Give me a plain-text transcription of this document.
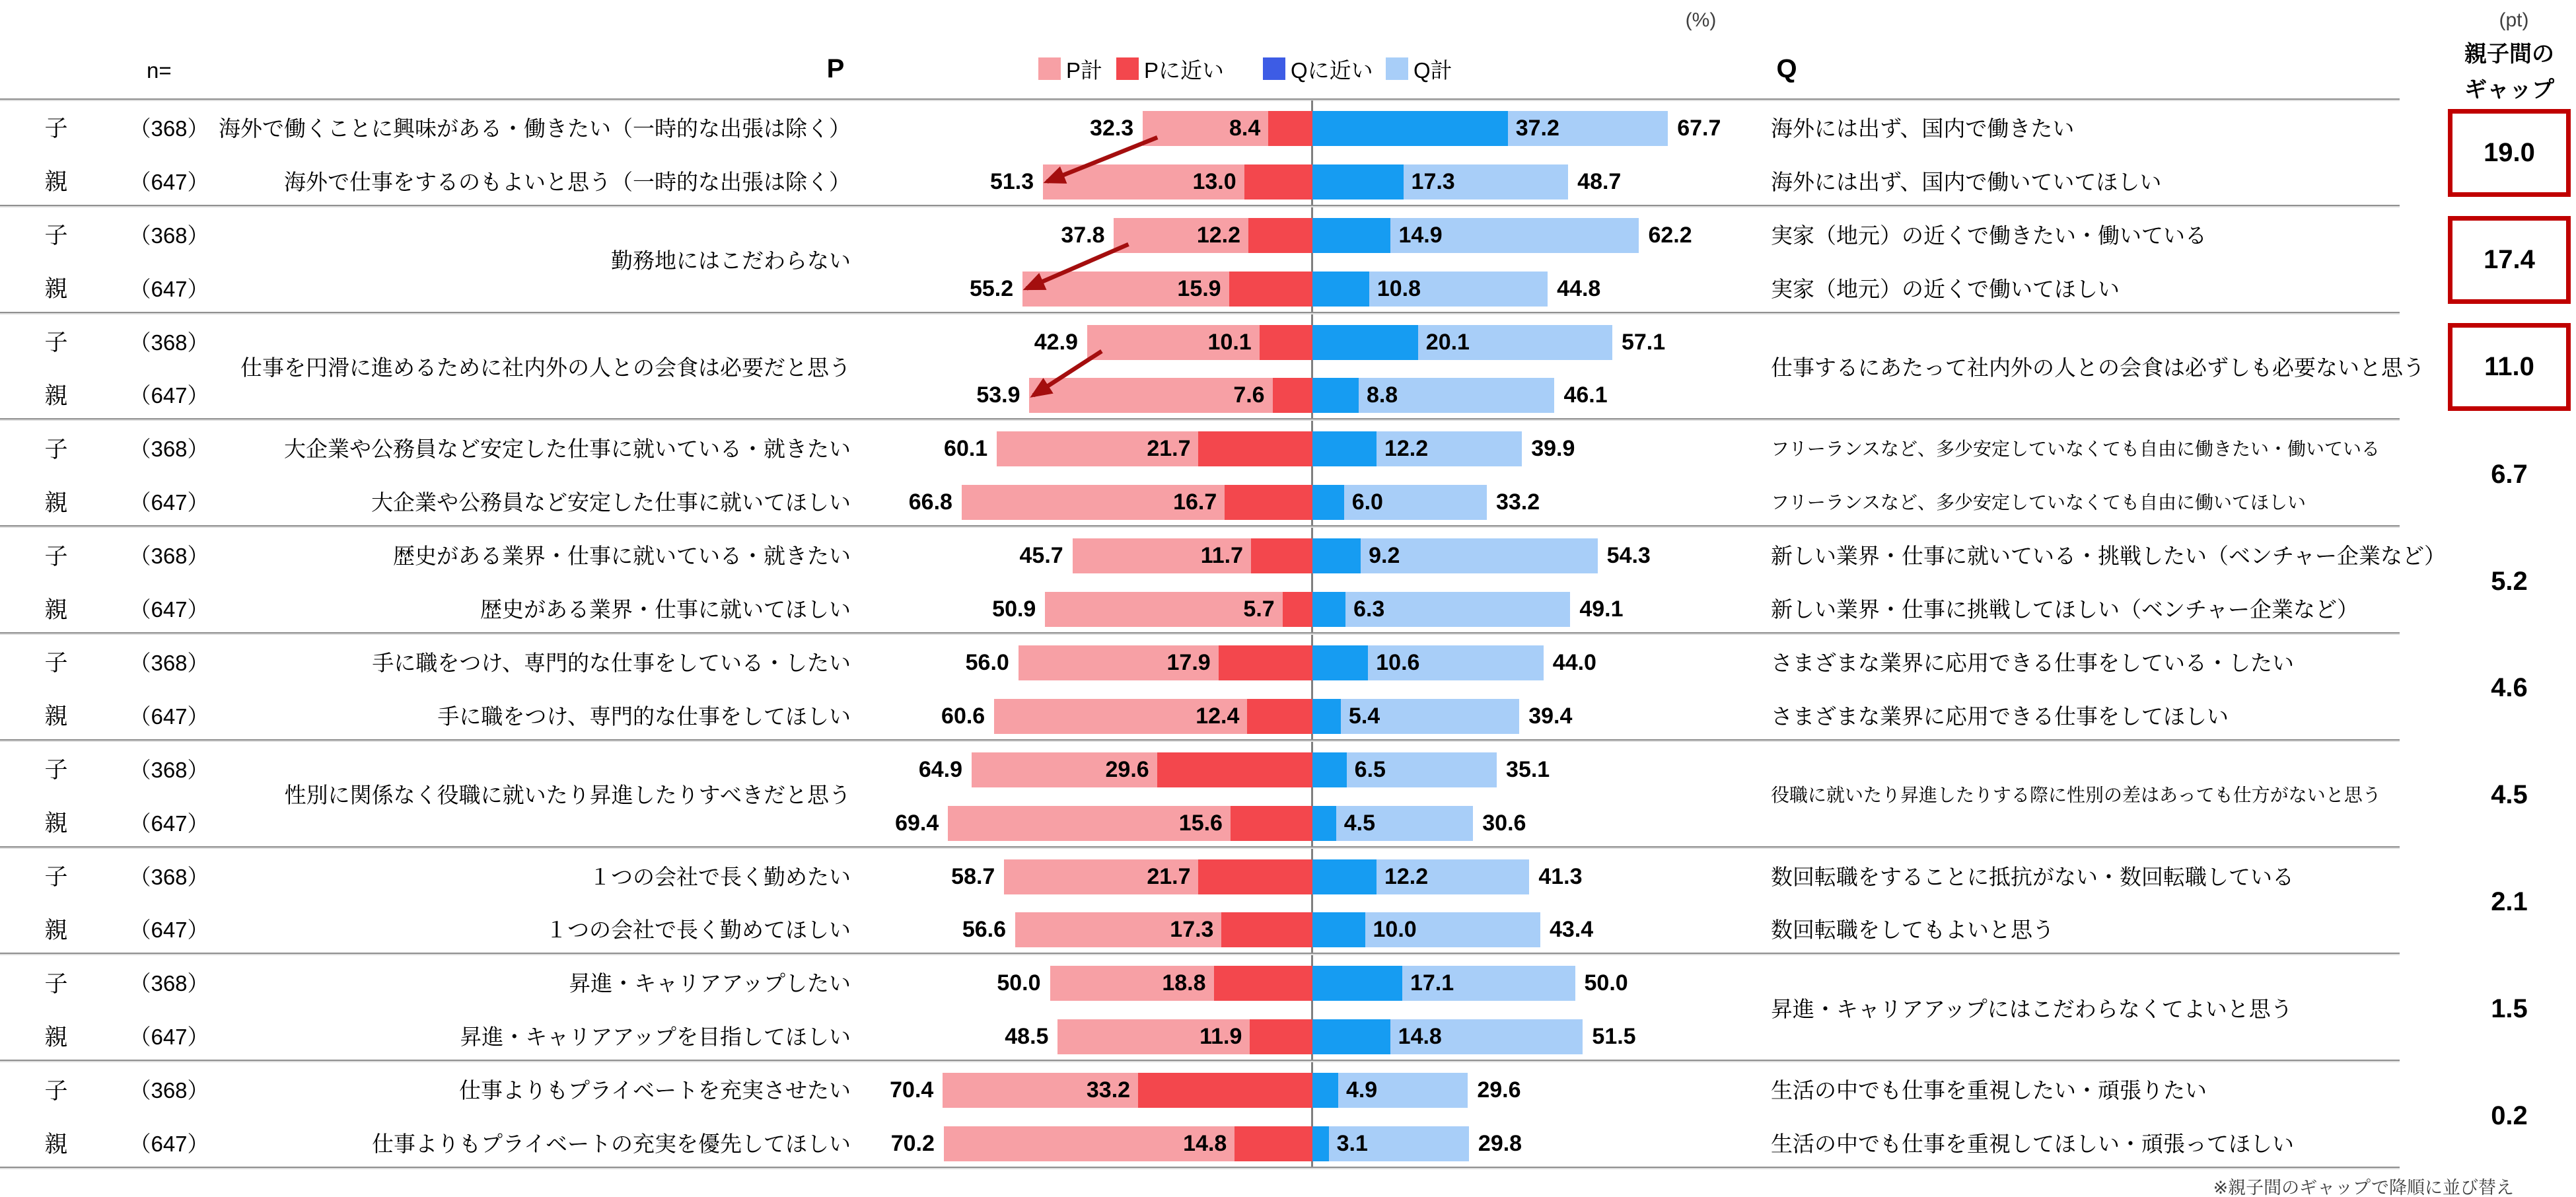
n=	P	P計 Pに近い	Qに近い Q計	Q
(%)	(pt)
親子間の
ギャップ
子	（368） 海外で働くことに興味がある・働きたい（一時的な出張は除く）	32.3	8.4	37.2	67.7 海外には出ず、国内で働きたい
親	（647）	海外で仕事をするのもよいと思う（一時的な出張は除く）	51.3	13.0	17.3	48.7	海外には出ず、国内で働いていてほしい
19.0
勤務地にはこだわらない
子	（368）	37.8	12.2	14.9	62.2	実家（地元）の近くで働きたい・働いている
親	（647）	55.2	15.9	10.8	44.8	実家（地元）の近くで働いてほしい
17.4
仕事を円滑に進めるために社内外の人との会食は必要だと思う	仕事するにあたって社内外の人との会食は必ずしも必要ないと思う
子	（368）	42.9	10.1	20.1	57.1
親	（647）	53.9	7.6	8.8	46.1
11.0
子	（368）	大企業や公務員など安定した仕事に就いている・就きたい	60.1	21.7	12.2	39.9	フリーランスなど、多少安定していなくても自由に働きたい・働いている
親	（647）	大企業や公務員など安定した仕事に就いてほしい	66.8	16.7	6.0	33.2	フリーランスなど、多少安定していなくても自由に働いてほしい
6.7
子	（368）	歴史がある業界・仕事に就いている・就きたい	45.7	11.7	9.2	54.3	新しい業界・仕事に就いている・挑戦したい（ベンチャー企業など）
親	（647）	歴史がある業界・仕事に就いてほしい	50.9	5.7	6.3	49.1	新しい業界・仕事に挑戦してほしい（ベンチャー企業など）
5.2
子	（368）	手に職をつけ、専門的な仕事をしている・したい	56.0	17.9	10.6	44.0	さまざまな業界に応用できる仕事をしている・したい
親	（647）	手に職をつけ、専門的な仕事をしてほしい	60.6	12.4	5.4	39.4	さまざまな業界に応用できる仕事をしてほしい
4.6
性別に関係なく役職に就いたり昇進したりすべきだと思う	役職に就いたり昇進したりする際に性別の差はあっても仕方がないと思う
子	（368）	64.9	29.6	6.5	35.1
親	（647）	69.4	15.6	4.5	30.6
4.5
子	（368）	１つの会社で長く勤めたい	58.7	21.7	12.2	41.3	数回転職をすることに抵抗がない・数回転職している
親	（647）	１つの会社で長く勤めてほしい	56.6	17.3	10.0	43.4	数回転職をしてもよいと思う
2.1
昇進・キャリアアップにはこだわらなくてよいと思う
子	（368）	昇進・キャリアアップしたい	50.0	18.8	17.1	50.0
親	（647）	昇進・キャリアアップを目指してほしい	48.5	11.9	14.8	51.5
1.5
子	（368）	仕事よりもプライベートを充実させたい 70.4	33.2	4.9	29.6	生活の中でも仕事を重視したい・頑張りたい
親	（647）	仕事よりもプライベートの充実を優先してほしい 70.2	14.8	3.1	29.8	生活の中でも仕事を重視してほしい・頑張ってほしい
0.2
※親子間のギャップで降順に並び替え
